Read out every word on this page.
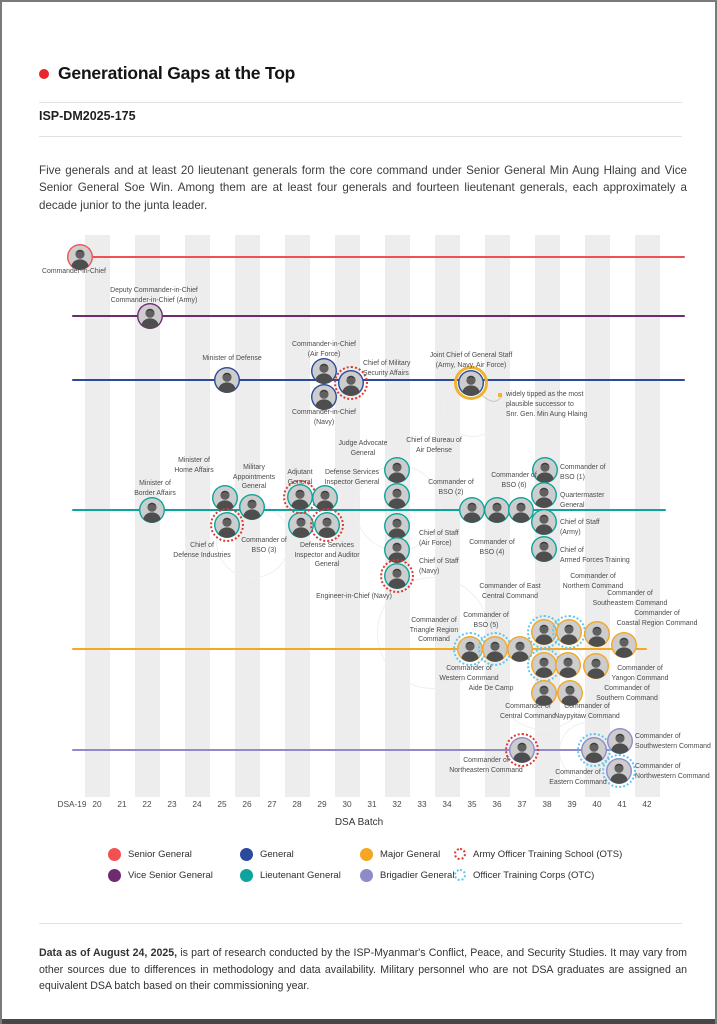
Generational Gaps at the Top
ISP-DM2025-175

Five generals and at least 20 lieutenant generals form the core command under Senior General Min Aung Hlaing and Vice Senior General Soe Win. Among them are at least four generals and fourteen lieutenant generals, each approximately a decade junior to the junta leader.

DSA Batch
DSA-19 20 21 22 23 24 25 26 27 28 29 30 31 32 33 34 35 36 37 38 39 40 41 42
Commander-in-Chief
Deputy Commander-in-Chief
Commander-in-Chief (Army)
Minister of Defense
Commander-in-Chief
(Air Force)
Commander-in-Chief
(Navy)
Chief of Military
Security Affairs
Joint Chief of General Staff
(Army, Navy, Air Force)
Minister of
Border Affairs
Minister of
Home Affairs
Chief of
Defense Industries
Military
Appointments
General
Commander of
BSO (3)
Adjutant
General
Defense Services
Inspector General
Defense Services
Inspector and Auditor
General
Judge Advocate
General
Chief of Bureau of
Air Defense
Chief of Staff
(Air Force)
Chief of Staff
(Navy)
Engineer-in-Chief (Navy)
Commander of
BSO (2)
Commander of
BSO (4)
Commander of
BSO (6)
Commander of
BSO (1)
Quartermaster
General
Chief of Staff
(Army)
Chief of
Armed Forces Training
Commander of
Triangle Region
Command
Commander of
BSO (5)
Commander of East
Central Command
Commander of
Northern Command
Commander of
Southeastern Command
Commander of
Yangon Command
Commander of
Coastal Region Command
Commander of
Western Command
Aide De Camp	Commander of
Southern Command
Commander of
Central Command
Commander of
Naypyitaw Command
Commander of
Northeastern Command	Commander of
Eastern Command
Commander of
Southwestern Command
Commander of
Northwestern Command
widely tipped as the most
plausible successor to
Snr. Gen. Min Aung Hlaing
Senior General
Vice Senior General
General
Lieutenant General
Major General
Brigadier General
Army Officer Training School (OTS)
Officer Training Corps (OTC)

Data as of August 24, 2025, is part of research conducted by the ISP-Myanmar's Conflict, Peace, and Security Studies. It may vary from other sources due to differences in methodology and data availability. Military personnel who are not DSA graduates are assigned an equivalent DSA batch based on their commissioning year.
